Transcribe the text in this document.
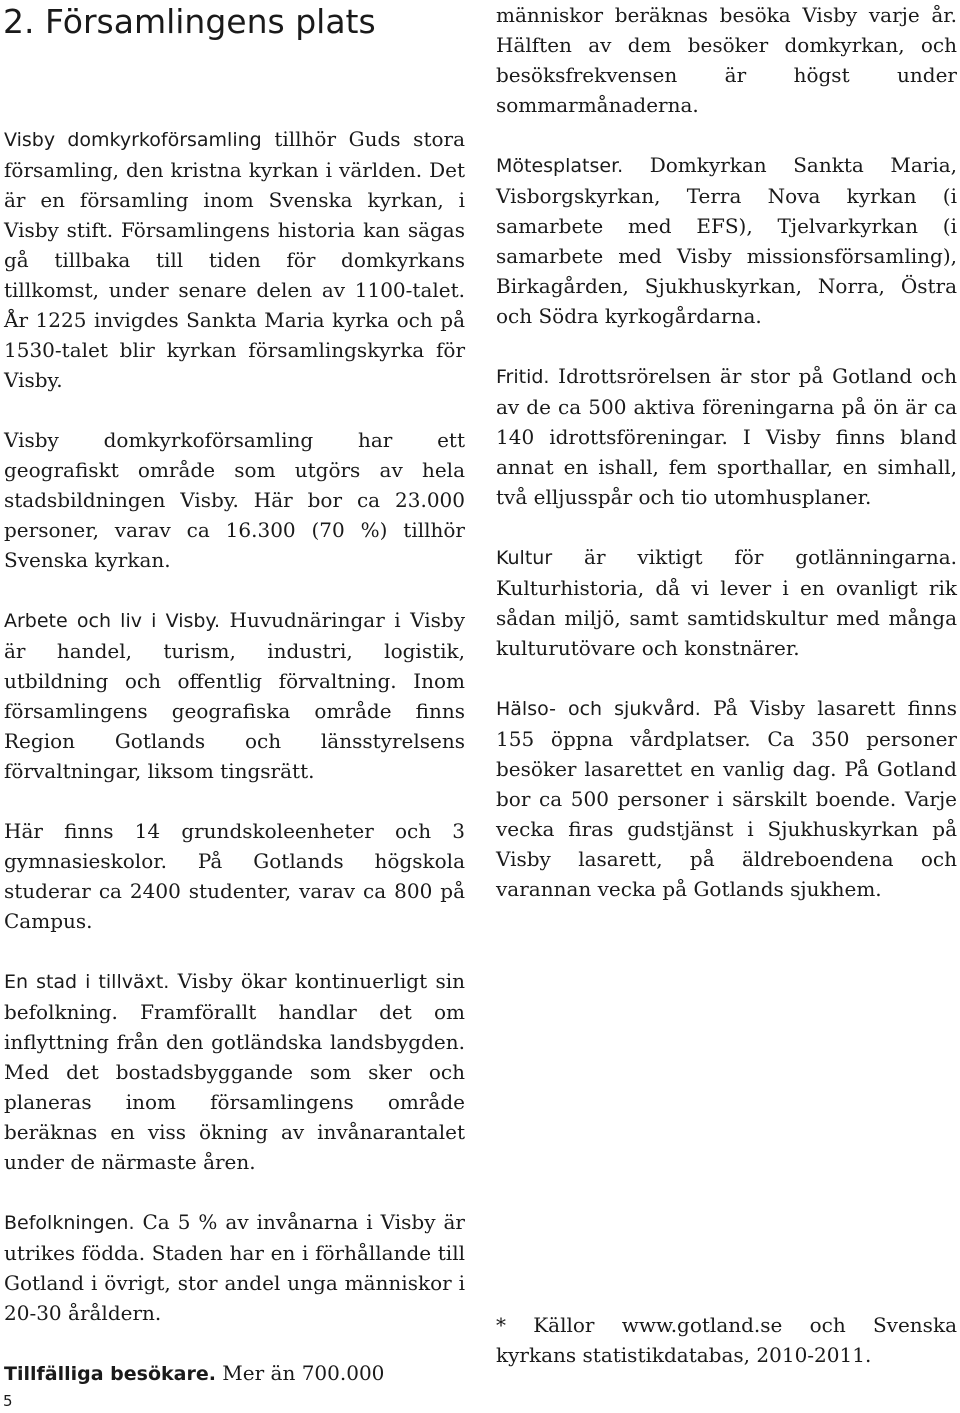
2. Församlingens plats

Visby domkyrkoförsamling tillhör Guds stora församling, den kristna kyrkan i världen. Det är en församling inom Svenska kyrkan, i Visby stift. Församlingens historia kan sägas gå tillbaka till tiden för domkyrkans tillkomst, under senare delen av 1100-talet. År 1225 invigdes Sankta Maria kyrka och på 1530-talet blir kyrkan församlingskyrka för Visby.

Visby domkyrkoförsamling har ett geografiskt område som utgörs av hela stadsbildningen Visby. Här bor ca 23.000 personer, varav ca 16.300 (70 %) tillhör Svenska kyrkan.

Arbete och liv i Visby. Huvudnäringar i Visby är handel, turism, industri, logistik, utbildning och offentlig förvaltning. Inom församlingens geografiska område finns Region Gotlands och länsstyrelsens förvaltningar, liksom tingsrätt.

Här finns 14 grundskoleenheter och 3 gymnasieskolor. På Gotlands högskola studerar ca 2400 studenter, varav ca 800 på Campus.

En stad i tillväxt. Visby ökar kontinuerligt sin befolkning. Framförallt handlar det om inflyttning från den gotländska landsbygden. Med det bostadsbyggande som sker och planeras inom församlingens område beräknas en viss ökning av invånarantalet under de närmaste åren.

Befolkningen. Ca 5 % av invånarna i Visby är utrikes födda. Staden har en i förhållande till Gotland i övrigt, stor andel unga människor i 20-30 åråldern.

Tillfälliga besökare. Mer än 700.000

människor beräknas besöka Visby varje år. Hälften av dem besöker domkyrkan, och besöksfrekvensen är högst under sommarmånaderna.

Mötesplatser. Domkyrkan Sankta Maria, Visborgskyrkan, Terra Nova kyrkan (i samarbete med EFS), Tjelvarkyrkan (i samarbete med Visby missionsförsamling), Birkagården, Sjukhuskyrkan, Norra, Östra och Södra kyrkogårdarna.

Fritid. Idrottsrörelsen är stor på Gotland och av de ca 500 aktiva föreningarna på ön är ca 140 idrottsföreningar. I Visby finns bland annat en ishall, fem sporthallar, en simhall, två elljusspår och tio utomhusplaner.

Kultur är viktigt för gotlänningarna. Kulturhistoria, då vi lever i en ovanligt rik sådan miljö, samt samtidskultur med många kulturutövare och konstnärer.

Hälso- och sjukvård. På Visby lasarett finns 155 öppna vårdplatser. Ca 350 personer besöker lasarettet en vanlig dag. På Gotland bor ca 500 personer i särskilt boende. Varje vecka firas gudstjänst i Sjukhuskyrkan på Visby lasarett, på äldreboendena och varannan vecka på Gotlands sjukhem.

* Källor www.gotland.se och Svenska kyrkans statistikdatabas, 2010-2011.

5
